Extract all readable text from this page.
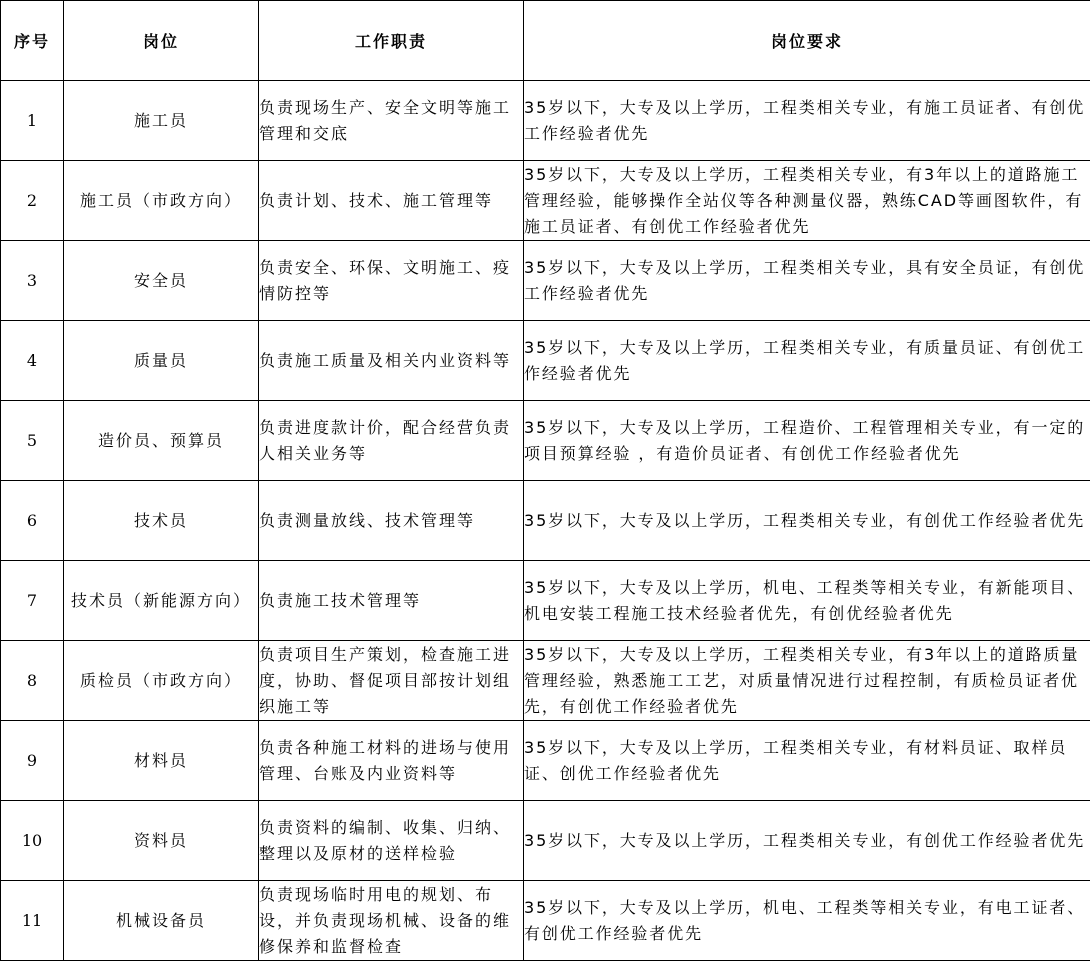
序号	岗位	工作职责	岗位要求
1	施工员	负责现场生产、安全文明等施工管理和交底	35岁以下，大专及以上学历，工程类相关专业，有施工员证者、有创优工作经验者优先
2	施工员（市政方向）	负责计划、技术、施工管理等	35岁以下，大专及以上学历，工程类相关专业，有3年以上的道路施工管理经验，能够操作全站仪等各种测量仪器，熟练CAD等画图软件，有施工员证者、有创优工作经验者优先
3	安全员	负责安全、环保、文明施工、疫情防控等	35岁以下，大专及以上学历，工程类相关专业，具有安全员证，有创优工作经验者优先
4	质量员	负责施工质量及相关内业资料等	35岁以下，大专及以上学历，工程类相关专业，有质量员证、有创优工作经验者优先
5	造价员、预算员	负责进度款计价，配合经营负责人相关业务等	35岁以下，大专及以上学历，工程造价、工程管理相关专业，有一定的项目预算经验 ，有造价员证者、有创优工作经验者优先
6	技术员	负责测量放线、技术管理等	35岁以下，大专及以上学历，工程类相关专业，有创优工作经验者优先
7	技术员（新能源方向）	负责施工技术管理等	35岁以下，大专及以上学历，机电、工程类等相关专业，有新能项目、机电安装工程施工技术经验者优先，有创优经验者优先
8	质检员（市政方向）	负责项目生产策划，检查施工进度，协助、督促项目部按计划组织施工等	35岁以下，大专及以上学历，工程类相关专业，有3年以上的道路质量管理经验，熟悉施工工艺，对质量情况进行过程控制，有质检员证者优先，有创优工作经验者优先
9	材料员	负责各种施工材料的进场与使用管理、台账及内业资料等	35岁以下，大专及以上学历，工程类相关专业，有材料员证、取样员证、创优工作经验者优先
10	资料员	负责资料的编制、收集、归纳、整理以及原材的送样检验	35岁以下，大专及以上学历，工程类相关专业，有创优工作经验者优先
11	机械设备员	负责现场临时用电的规划、布设，并负责现场机械、设备的维修保养和监督检查	35岁以下，大专及以上学历，机电、工程类等相关专业，有电工证者、有创优工作经验者优先
